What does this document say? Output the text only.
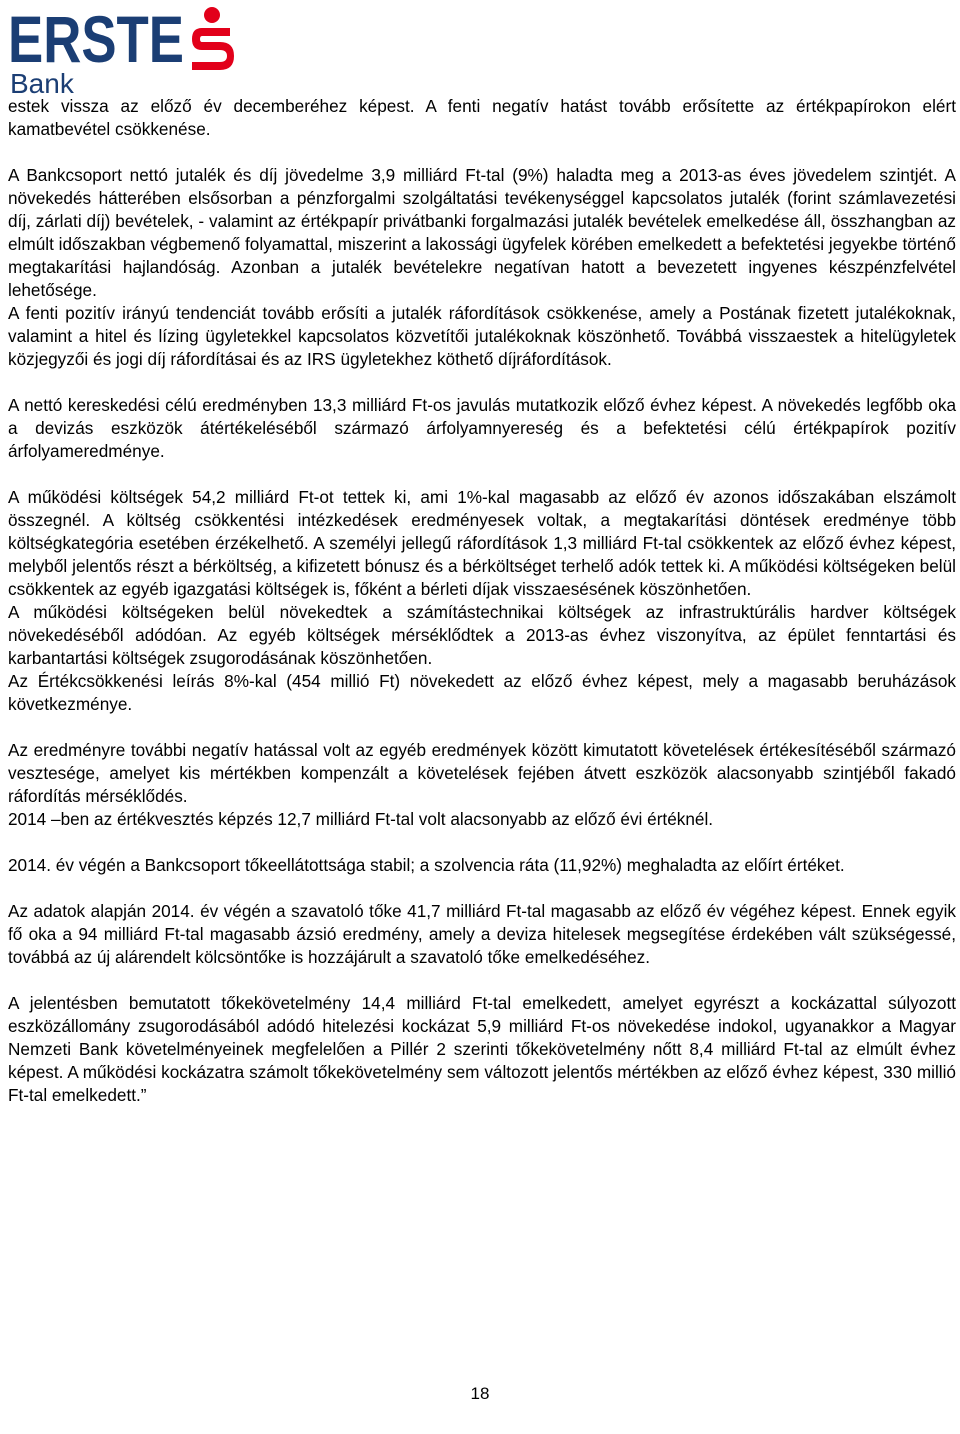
ERSTE
Bank

estek vissza az előző év decemberéhez képest. A fenti negatív hatást tovább erősítette az értékpapírokon elért kamatbevétel csökkenése.

A Bankcsoport nettó jutalék és díj jövedelme 3,9 milliárd Ft-tal (9%) haladta meg a 2013-as éves jövedelem szintjét. A növekedés hátterében elsősorban a pénzforgalmi szolgáltatási tevékenységgel kapcsolatos jutalék (forint számlavezetési díj, zárlati díj) bevételek, - valamint az értékpapír privátbanki forgalmazási jutalék bevételek emelkedése áll, összhangban az elmúlt időszakban végbemenő folyamattal, miszerint a lakossági ügyfelek körében emelkedett a befektetési jegyekbe történő megtakarítási hajlandóság. Azonban a jutalék bevételekre negatívan hatott a bevezetett ingyenes készpénzfelvétel lehetősége.

A fenti pozitív irányú tendenciát tovább erősíti a jutalék ráfordítások csökkenése, amely a Postának fizetett jutalékoknak, valamint a hitel és lízing ügyletekkel kapcsolatos közvetítői jutalékoknak köszönhető. Továbbá visszaestek a hitelügyletek közjegyzői és jogi díj ráfordításai és az IRS ügyletekhez köthető díjráfordítások.

A nettó kereskedési célú eredményben 13,3 milliárd Ft-os javulás mutatkozik előző évhez képest. A növekedés legfőbb oka a devizás eszközök átértékeléséből származó árfolyamnyereség és a befektetési célú értékpapírok pozitív árfolyameredménye.

A működési költségek 54,2 milliárd Ft-ot tettek ki, ami 1%-kal magasabb az előző év azonos időszakában elszámolt összegnél. A költség csökkentési intézkedések eredményesek voltak, a megtakarítási döntések eredménye több költségkategória esetében érzékelhető. A személyi jellegű ráfordítások 1,3 milliárd Ft-tal csökkentek az előző évhez képest, melyből jelentős részt a bérköltség, a kifizetett bónusz és a bérköltséget terhelő adók tettek ki. A működési költségeken belül csökkentek az egyéb igazgatási költségek is, főként a bérleti díjak visszaesésének köszönhetően.

A működési költségeken belül növekedtek a számítástechnikai költségek az infrastruktúrális hardver költségek növekedéséből adódóan. Az egyéb költségek mérséklődtek a 2013-as évhez viszonyítva, az épület fenntartási és karbantartási költségek zsugorodásának köszönhetően.

Az Értékcsökkenési leírás 8%-kal (454 millió Ft) növekedett az előző évhez képest, mely a magasabb beruházások következménye.

Az eredményre további negatív hatással volt az egyéb eredmények között kimutatott követelések értékesítéséből származó vesztesége, amelyet kis mértékben kompenzált a követelések fejében átvett eszközök alacsonyabb szintjéből fakadó ráfordítás mérséklődés.

2014 –ben az értékvesztés képzés 12,7 milliárd Ft-tal volt alacsonyabb az előző évi értéknél.

2014. év végén a Bankcsoport tőkeellátottsága stabil; a szolvencia ráta (11,92%) meghaladta az előírt értéket.

Az adatok alapján 2014. év végén a szavatoló tőke 41,7 milliárd Ft-tal magasabb az előző év végéhez képest. Ennek egyik fő oka a 94 milliárd Ft-tal magasabb ázsió eredmény, amely a deviza hitelesek megsegítése érdekében vált szükségessé, továbbá az új alárendelt kölcsöntőke is hozzájárult a szavatoló tőke emelkedéséhez.

A jelentésben bemutatott tőkekövetelmény 14,4 milliárd Ft-tal emelkedett, amelyet egyrészt a kockázattal súlyozott eszközállomány zsugorodásából adódó hitelezési kockázat 5,9 milliárd Ft-os növekedése indokol, ugyanakkor a Magyar Nemzeti Bank követelményeinek megfelelően a Pillér 2 szerinti tőkekövetelmény nőtt 8,4 milliárd Ft-tal az elmúlt évhez képest. A működési kockázatra számolt tőkekövetelmény sem változott jelentős mértékben az előző évhez képest, 330 millió Ft-tal emelkedett.”

18
